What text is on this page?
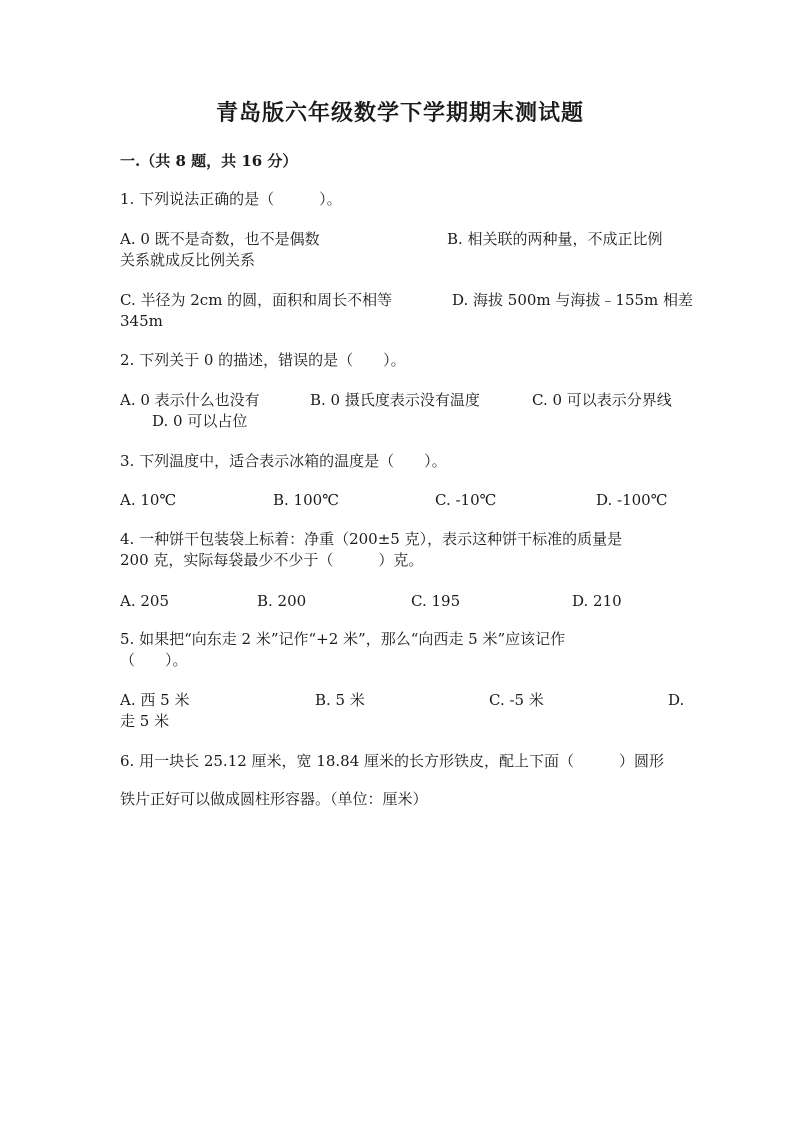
青岛版六年级数学下学期期末测试题
一.（共 8 题，共 16 分）
1. 下列说法正确的是（　　　）。
A. 0 既不是奇数，也不是偶数	B. 相关联的两种量，不成正比例
关系就成反比例关系
C. 半径为 2cm 的圆，面积和周长不相等	D. 海拔 500m 与海拔﹣155m 相差
345m
2. 下列关于 0 的描述，错误的是（　　）。
A. 0 表示什么也没有	B. 0 摄氏度表示没有温度	C. 0 可以表示分界线
D. 0 可以占位
3. 下列温度中，适合表示冰箱的温度是（　　）。
A. 10℃	B. 100℃	C. -10℃	D. -100℃
4. 一种饼干包装袋上标着：净重（200±5 克），表示这种饼干标准的质量是
200 克，实际每袋最少不少于（　　　）克。
A. 205	B. 200	C. 195	D. 210
5. 如果把“向东走 2 米”记作“+2 米”，那么“向西走 5 米”应该记作
（　　）。
A. 西 5 米	B. 5 米	C. -5 米	D.
走 5 米
6. 用一块长 25.12 厘米，宽 18.84 厘米的长方形铁皮，配上下面（　　　）圆形
铁片正好可以做成圆柱形容器。（单位：厘米）
